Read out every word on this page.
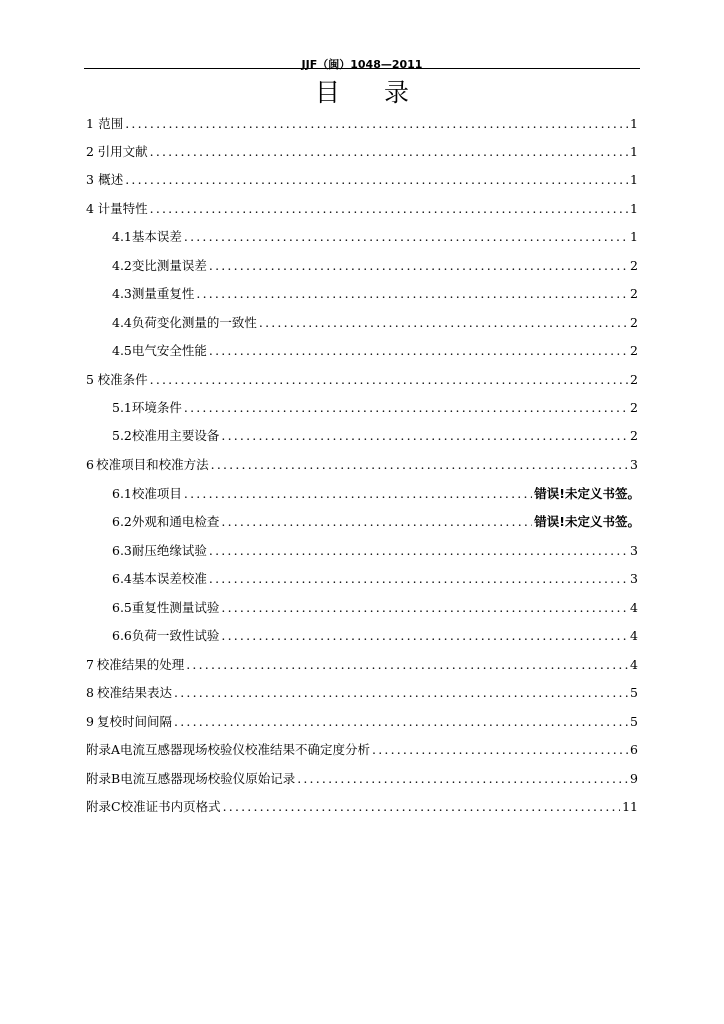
JJF（闽）1048—2011
目录
1 范围 .....	1
2 引用文献 .....	1
3 概述 .....	1
4 计量特性 .....	1
4.1 基本误差 .....	1
4.2 变比测量误差 .....	2
4.3 测量重复性 .....	2
4.4 负荷变化测量的一致性 .....	2
4.5 电气安全性能 .....	2
5 校准条件 .....	2
5.1 环境条件 .....	2
5.2 校准用主要设备 .....	2
6 校准项目和校准方法 .....	3
6.1 校准项目 .....	错误!未定义书签。
6.2 外观和通电检查 .....	错误!未定义书签。
6.3 耐压绝缘试验 .....	3
6.4 基本误差校准 .....	3
6.5 重复性测量试验 .....	4
6.6 负荷一致性试验 .....	4
7 校准结果的处理 .....	4
8 校准结果表达 .....	5
9 复校时间间隔 .....	5
附录A 电流互感器现场校验仪校准结果不确定度分析 .....	6
附录B 电流互感器现场校验仪原始记录 .....	9
附录C 校准证书内页格式 .....	11
